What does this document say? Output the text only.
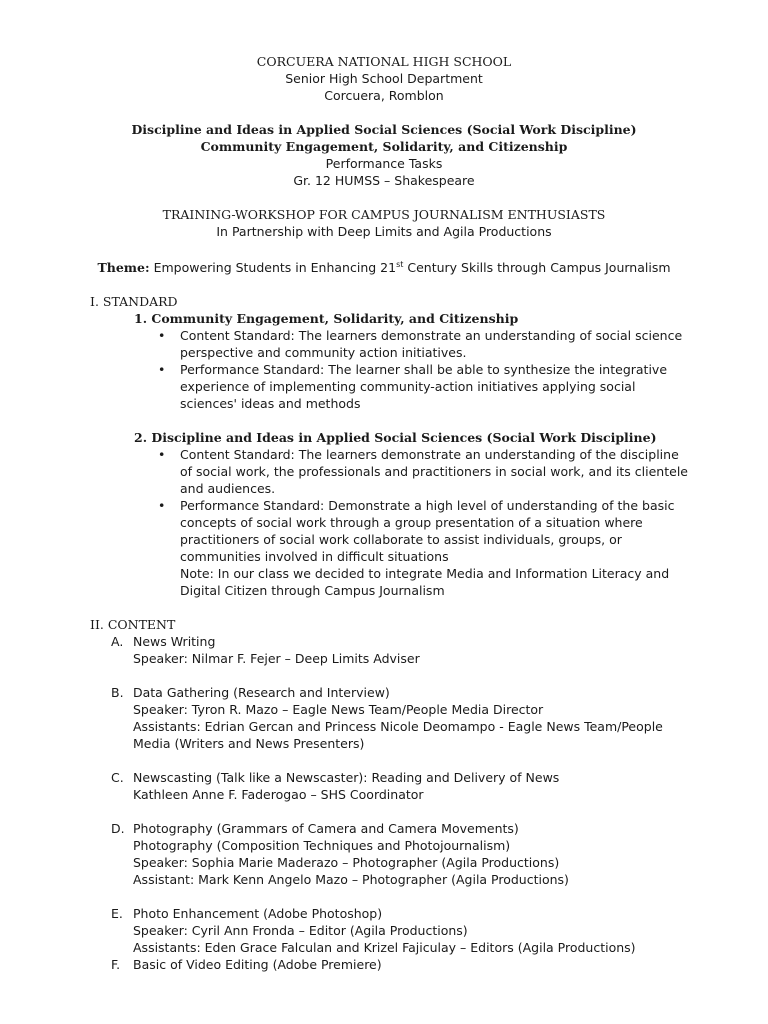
CORCUERA NATIONAL HIGH SCHOOL
Senior High School Department
Corcuera, Romblon
Discipline and Ideas in Applied Social Sciences (Social Work Discipline)
Community Engagement, Solidarity, and Citizenship
Performance Tasks
Gr. 12 HUMSS – Shakespeare
TRAINING-WORKSHOP FOR CAMPUS JOURNALISM ENTHUSIASTS
In Partnership with Deep Limits and Agila Productions
Theme: Empowering Students in Enhancing 21st Century Skills through Campus Journalism
I. STANDARD
1. Community Engagement, Solidarity, and Citizenship
• Content Standard: The learners demonstrate an understanding of social science perspective and community action initiatives.
• Performance Standard: The learner shall be able to synthesize the integrative experience of implementing community-action initiatives applying social sciences' ideas and methods
2. Discipline and Ideas in Applied Social Sciences (Social Work Discipline)
• Content Standard: The learners demonstrate an understanding of the discipline of social work, the professionals and practitioners in social work, and its clientele and audiences.
• Performance Standard: Demonstrate a high level of understanding of the basic concepts of social work through a group presentation of a situation where practitioners of social work collaborate to assist individuals, groups, or communities involved in difficult situations
Note: In our class we decided to integrate Media and Information Literacy and Digital Citizen through Campus Journalism
II. CONTENT
A. News Writing
Speaker: Nilmar F. Fejer – Deep Limits Adviser
B. Data Gathering (Research and Interview)
Speaker: Tyron R. Mazo – Eagle News Team/People Media Director
Assistants: Edrian Gercan and Princess Nicole Deomampo - Eagle News Team/People
Media (Writers and News Presenters)
C. Newscasting (Talk like a Newscaster): Reading and Delivery of News
Kathleen Anne F. Faderogao – SHS Coordinator
D. Photography (Grammars of Camera and Camera Movements)
Photography (Composition Techniques and Photojournalism)
Speaker: Sophia Marie Maderazo – Photographer (Agila Productions)
Assistant: Mark Kenn Angelo Mazo – Photographer (Agila Productions)
E. Photo Enhancement (Adobe Photoshop)
Speaker: Cyril Ann Fronda – Editor (Agila Productions)
Assistants: Eden Grace Falculan and Krizel Fajiculay – Editors (Agila Productions)
F. Basic of Video Editing (Adobe Premiere)
